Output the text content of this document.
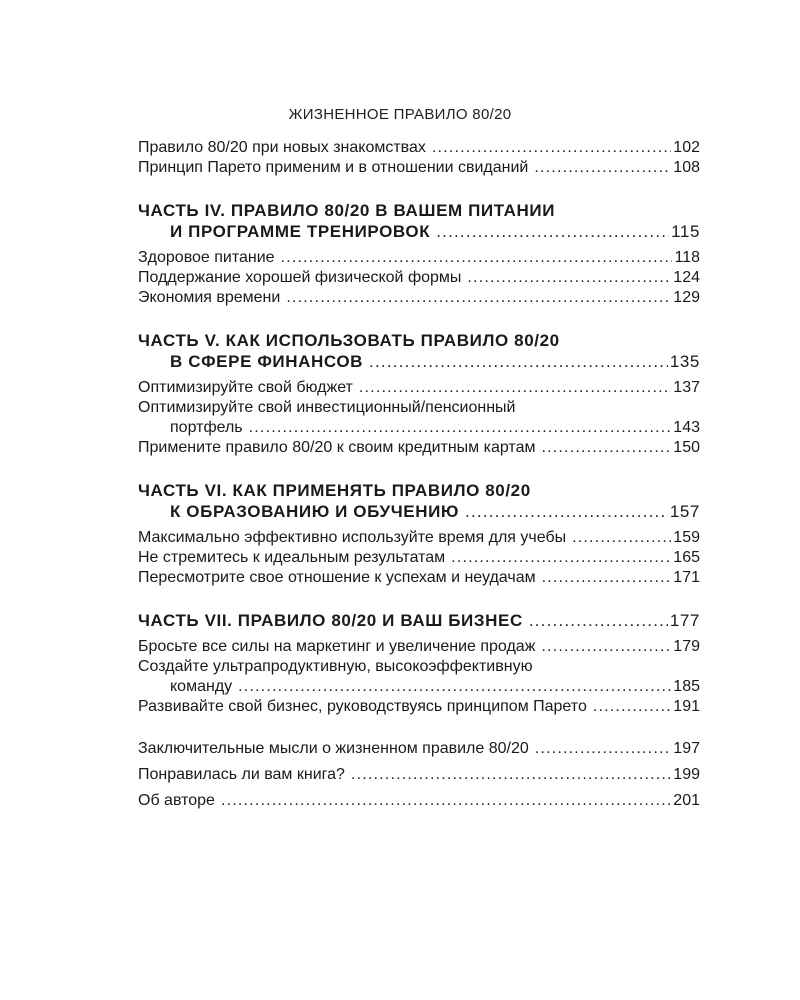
ЖИЗНЕННОЕ ПРАВИЛО 80/20
Правило 80/20 при новых знакомствах .....	102
Принцип Парето применим и в отношении свиданий .....	108
ЧАСТЬ IV. ПРАВИЛО 80/20 В ВАШЕМ ПИТАНИИ
И ПРОГРАММЕ ТРЕНИРОВОК .....	115
Здоровое питание .....	118
Поддержание хорошей физической формы .....	124
Экономия времени .....	129
ЧАСТЬ V. КАК ИСПОЛЬЗОВАТЬ ПРАВИЛО 80/20
В СФЕРЕ ФИНАНСОВ .....	135
Оптимизируйте свой бюджет .....	137
Оптимизируйте свой инвестиционный/пенсионный
портфель .....	143
Примените правило 80/20 к своим кредитным картам .....	150
ЧАСТЬ VI. КАК ПРИМЕНЯТЬ ПРАВИЛО 80/20
К ОБРАЗОВАНИЮ И ОБУЧЕНИЮ .....	157
Максимально эффективно используйте время для учебы .....	159
Не стремитесь к идеальным результатам .....	165
Пересмотрите свое отношение к успехам и неудачам .....	171
ЧАСТЬ VII. ПРАВИЛО 80/20 И ВАШ БИЗНЕС .....	177
Бросьте все силы на маркетинг и увеличение продаж .....	179
Создайте ультрапродуктивную, высокоэффективную
команду .....	185
Развивайте свой бизнес, руководствуясь принципом Парето .....	191
Заключительные мысли о жизненном правиле 80/20 .....	197
Понравилась ли вам книга? .....	199
Об авторе .....	201
